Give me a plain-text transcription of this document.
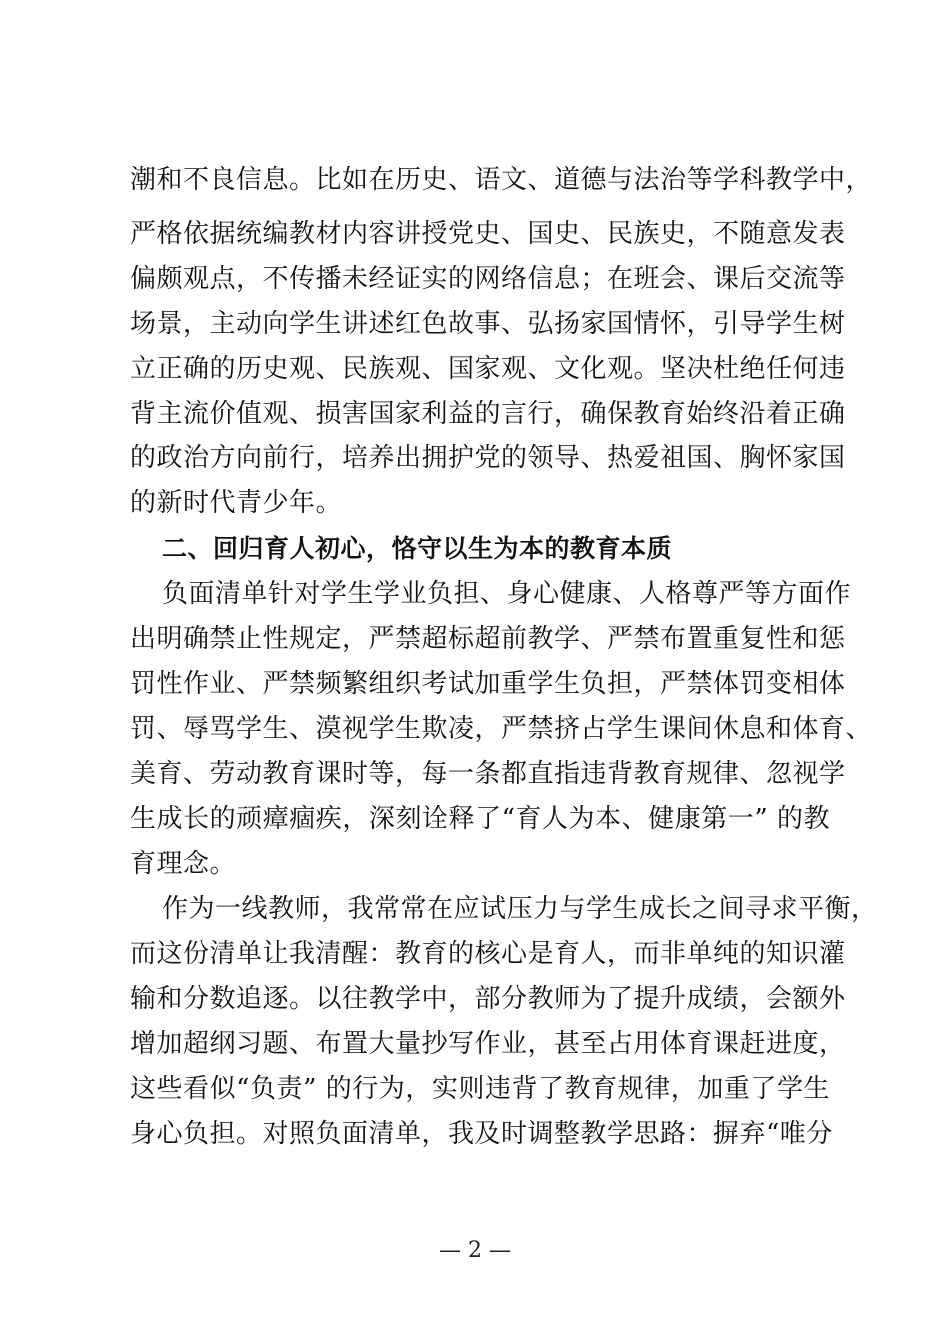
潮和不良信息。比如在历史、语文、道德与法治等学科教学中，
严格依据统编教材内容讲授党史、国史、民族史，不随意发表
偏颇观点，不传播未经证实的网络信息；在班会、课后交流等
场景，主动向学生讲述红色故事、弘扬家国情怀，引导学生树
立正确的历史观、民族观、国家观、文化观。坚决杜绝任何违
背主流价值观、损害国家利益的言行，确保教育始终沿着正确
的政治方向前行，培养出拥护党的领导、热爱祖国、胸怀家国
的新时代青少年。
二、回归育人初心，恪守以生为本的教育本质
负面清单针对学生学业负担、身心健康、人格尊严等方面作
出明确禁止性规定，严禁超标超前教学、严禁布置重复性和惩
罚性作业、严禁频繁组织考试加重学生负担，严禁体罚变相体
罚、辱骂学生、漠视学生欺凌，严禁挤占学生课间休息和体育、
美育、劳动教育课时等，每一条都直指违背教育规律、忽视学
生成长的顽瘴痼疾，深刻诠释了“育人为本、健康第一” 的教
育理念。
作为一线教师，我常常在应试压力与学生成长之间寻求平衡，
而这份清单让我清醒：教育的核心是育人，而非单纯的知识灌
输和分数追逐。以往教学中，部分教师为了提升成绩，会额外
增加超纲习题、布置大量抄写作业，甚至占用体育课赶进度，
这些看似“负责” 的行为，实则违背了教育规律，加重了学生
身心负担。对照负面清单，我及时调整教学思路：摒弃“唯分
— 2 —
